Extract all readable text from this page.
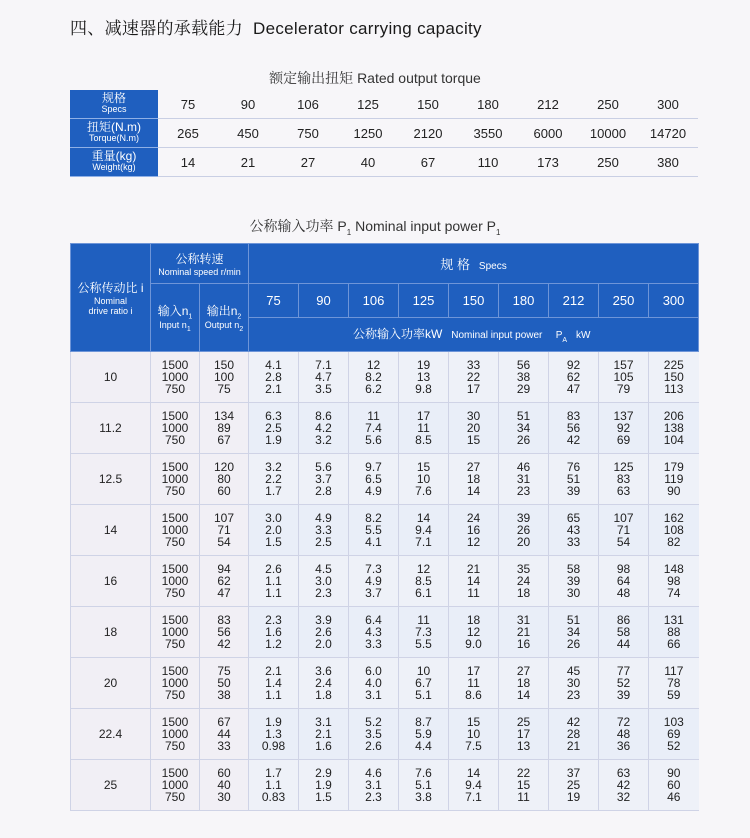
四、减速器的承载能力 Decelerator carrying capacity
额定输出扭矩 Rated output torque
规格
Specs	75	90	106	125	150	180	212	250	300

扭矩(N.m)
Torque(N.m)	265	450	750	1250	2120	3550	6000	10000	14720

重量(kg)
Weight(kg)	14	21	27	40	67	110	173	250	380
公称输入功率 $P_1$ Nominal input power $P_1$
公称传动比 i
Nominal drive ratio i	公称转速
Nominal speed r/min		规 格 Specs								

	输入$n_1$
Input $n_1$	输出$n_2$
Output $n_2$	75	90	106	125	150	180	212	250	300
			公称输入功率kW Nominal input power $P_A$ kW								
10	1500
1000
750	150
100
75	4.1
2.8
2.1	7.1
4.7
3.5	12
8.2
6.2	19
13
9.8	33
22
17	56
38
29	92
62
47	157
105
79	225
150
113

11.2	1500
1000
750	134
89
67	6.3
2.5
1.9	8.6
4.2
3.2	11
7.4
5.6	17
11
8.5	30
20
15	51
34
26	83
56
42	137
92
69	206
138
104

12.5	1500
1000
750	120
80
60	3.2
2.2
1.7	5.6
3.7
2.8	9.7
6.5
4.9	15
10
7.6	27
18
14	46
31
23	76
51
39	125
83
63	179
119
90

14	1500
1000
750	107
71
54	3.0
2.0
1.5	4.9
3.3
2.5	8.2
5.5
4.1	14
9.4
7.1	24
16
12	39
26
20	65
43
33	107
71
54	162
108
82

16	1500
1000
750	94
62
47	2.6
1.1
1.1	4.5
3.0
2.3	7.3
4.9
3.7	12
8.5
6.1	21
14
11	35
24
18	58
39
30	98
64
48	148
98
74

18	1500
1000
750	83
56
42	2.3
1.6
1.2	3.9
2.6
2.0	6.4
4.3
3.3	11
7.3
5.5	18
12
9.0	31
21
16	51
34
26	86
58
44	131
88
66

20	1500
1000
750	75
50
38	2.1
1.4
1.1	3.6
2.4
1.8	6.0
4.0
3.1	10
6.7
5.1	17
11
8.6	27
18
14	45
30
23	77
52
39	117
78
59

22.4	1500
1000
750	67
44
33	1.9
1.3
0.98	3.1
2.1
1.6	5.2
3.5
2.6	8.7
5.9
4.4	15
10
7.5	25
17
13	42
28
21	72
48
36	103
69
52

25	1500
1000
750	60
40
30	1.7
1.1
0.83	2.9
1.9
1.5	4.6
3.1
2.3	7.6
5.1
3.8	14
9.4
7.1	22
15
11	37
25
19	63
42
32	90
60
46
